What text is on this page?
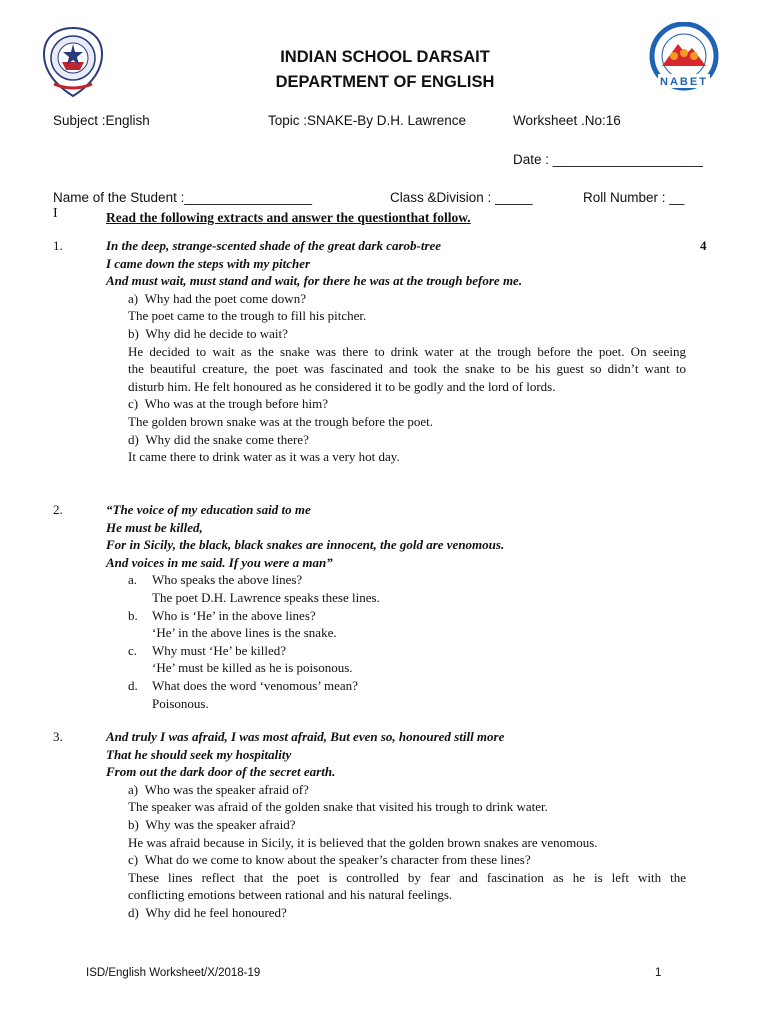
NABET
INDIAN SCHOOL DARSAIT
DEPARTMENT OF ENGLISH
Subject :English	Topic :SNAKE-By D.H. Lawrence	Worksheet .No:16
Date : ____________________
Name of the Student :_________________	Class &Division : _____	Roll Number : __
I	Read the following extracts and answer the questionthat follow.
1.	4
In the deep, strange-scented shade of the great dark carob-tree
I came down the steps with my pitcher
And must wait, must stand and wait, for there he was at the trough before me.
a) Why had the poet come down?
The poet came to the trough to fill his pitcher.
b) Why did he decide to wait?
He decided to wait as the snake was there to drink water at the trough before the poet. On seeing
the beautiful creature, the poet was fascinated and took the snake to be his guest so didn’t want to
disturb him. He felt honoured as he considered it to be godly and the lord of lords.
c) Who was at the trough before him?
The golden brown snake was at the trough before the poet.
d) Why did the snake come there?
It came there to drink water as it was a very hot day.
2.	“The voice of my education said to me
He must be killed,
For in Sicily, the black, black snakes are innocent, the gold are venomous.
And voices in me said. If you were a man”
a. Who speaks the above lines?
The poet D.H. Lawrence speaks these lines.
b. Who is ‘He’ in the above lines?
‘He’ in the above lines is the snake.
c. Why must ‘He’ be killed?
‘He’ must be killed as he is poisonous.
d. What does the word ‘venomous’ mean?
Poisonous.
3.	And truly I was afraid, I was most afraid, But even so, honoured still more
That he should seek my hospitality
From out the dark door of the secret earth.
a) Who was the speaker afraid of?
The speaker was afraid of the golden snake that visited his trough to drink water.
b) Why was the speaker afraid?
He was afraid because in Sicily, it is believed that the golden brown snakes are venomous.
c) What do we come to know about the speaker’s character from these lines?
These lines reflect that the poet is controlled by fear and fascination as he is left with the
conflicting emotions between rational and his natural feelings.
d) Why did he feel honoured?
ISD/English Worksheet/X/2018-19	1
